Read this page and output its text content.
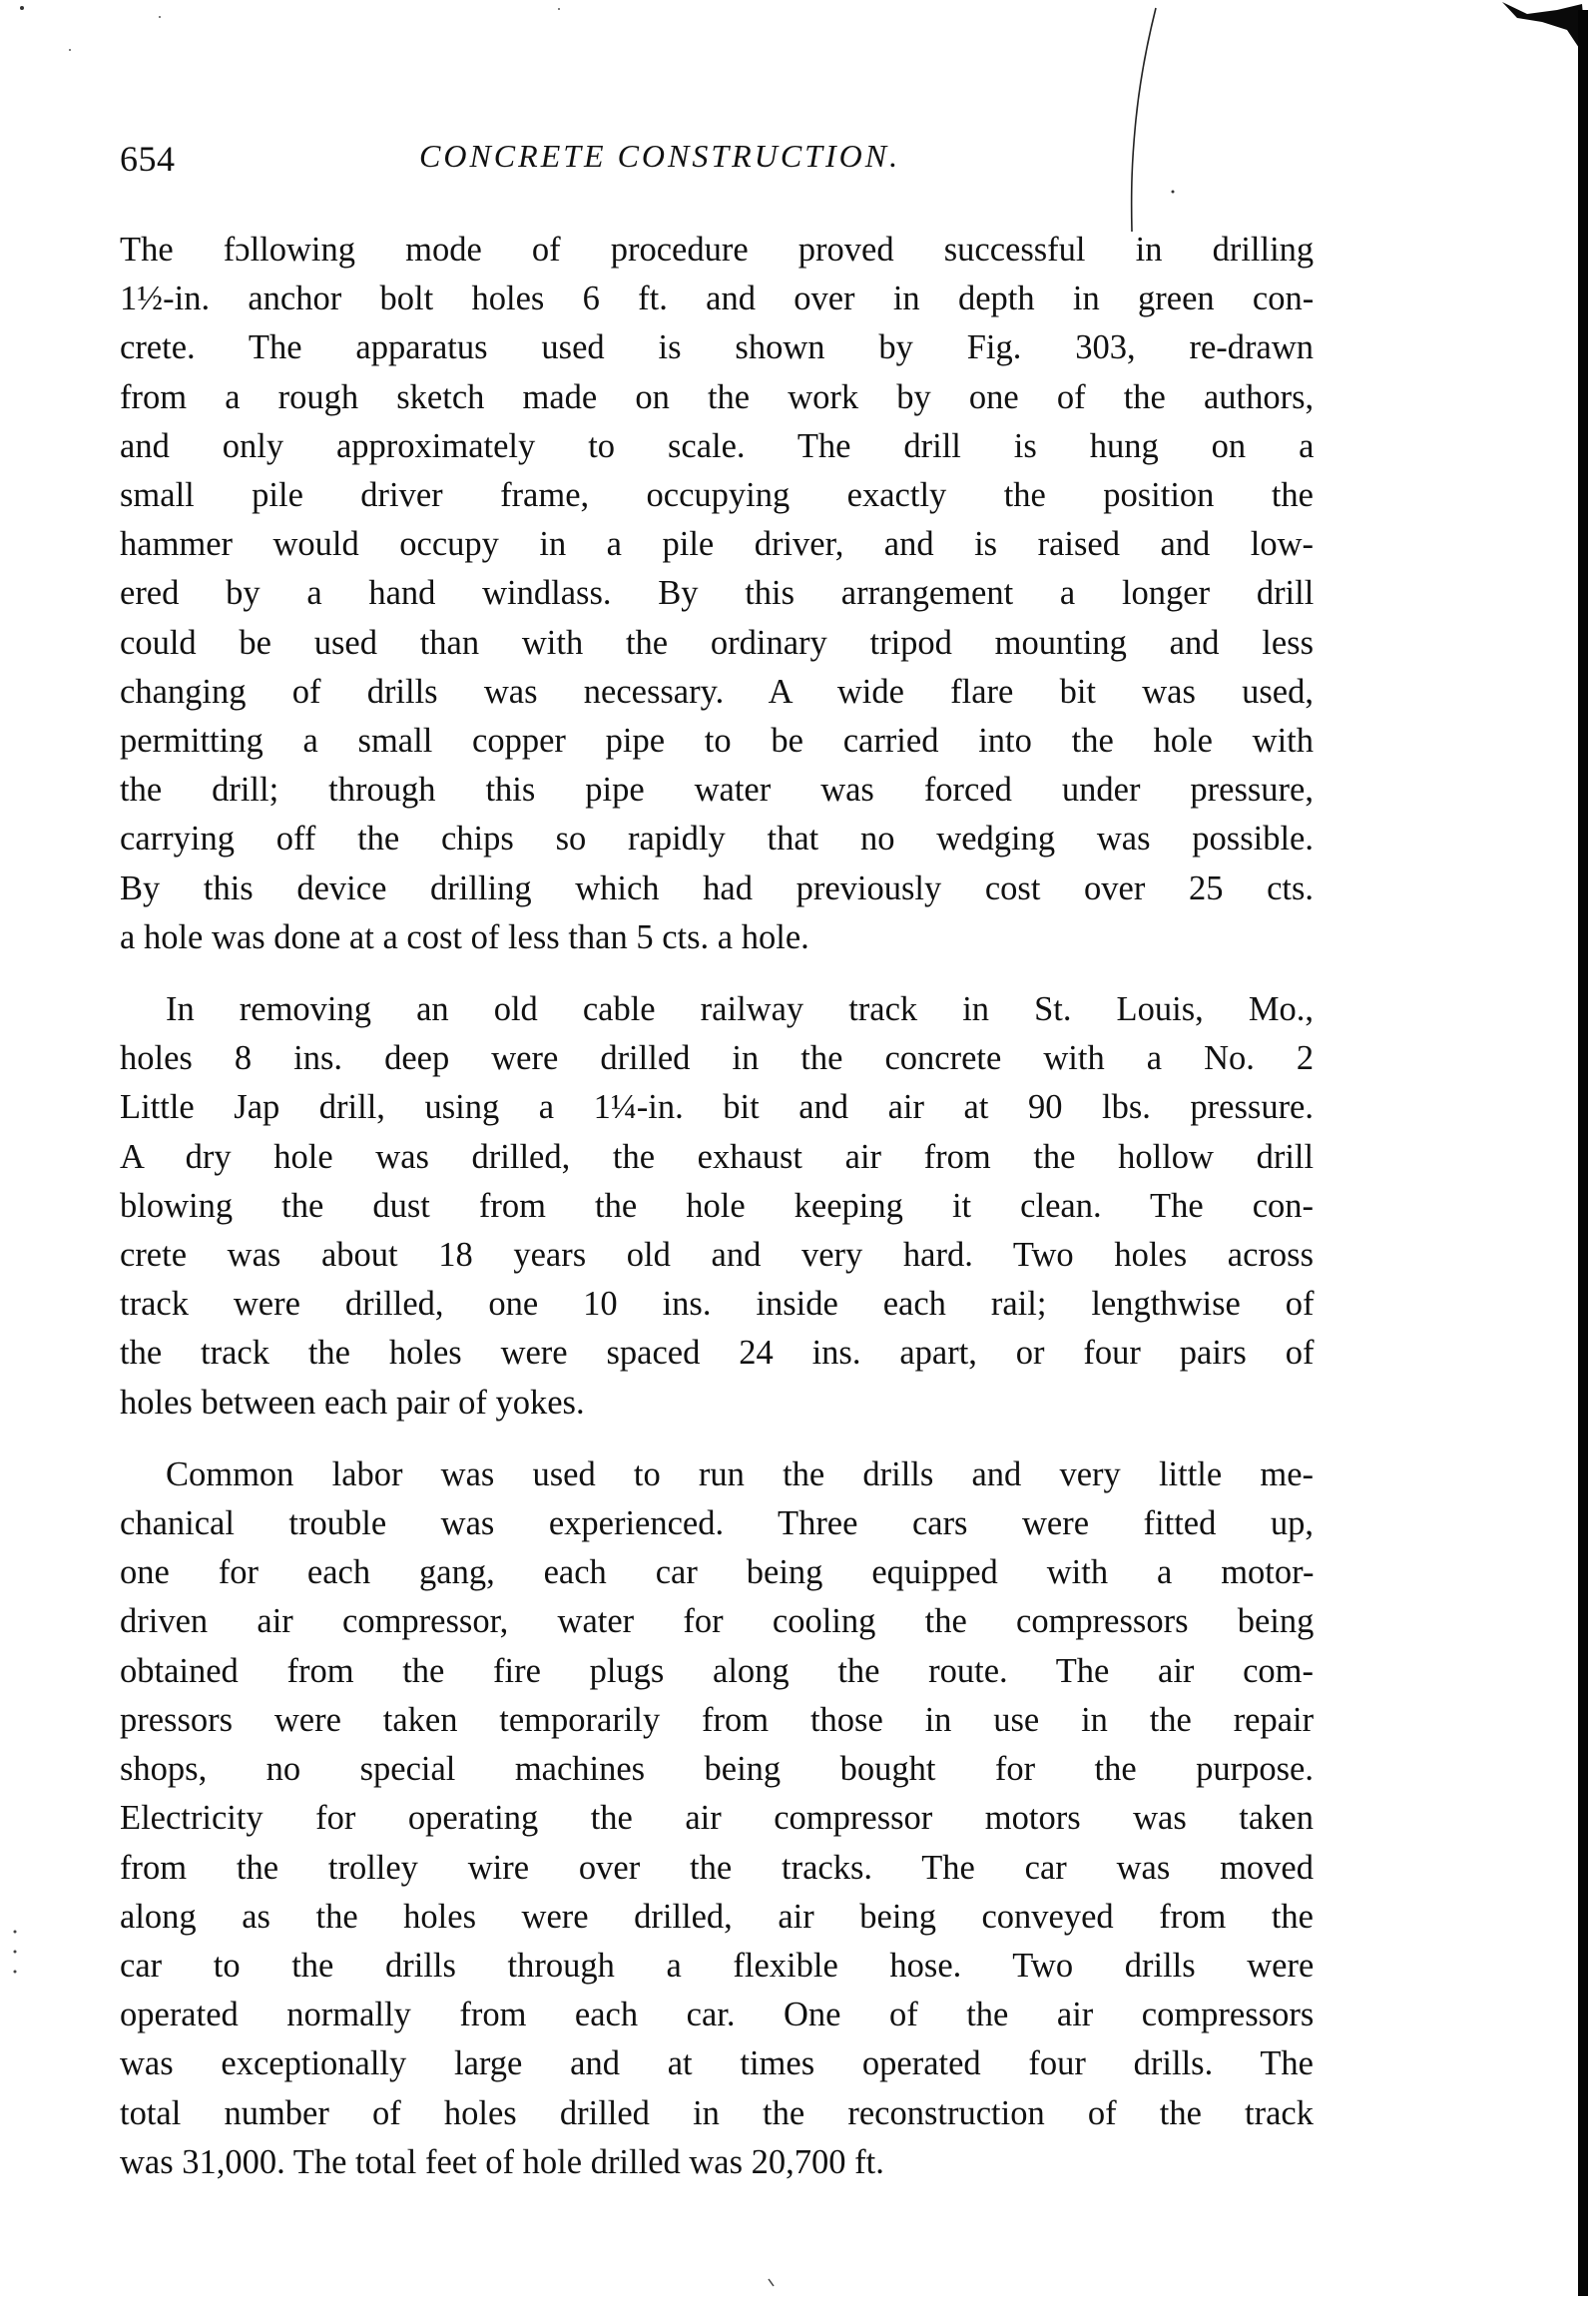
654	CONCRETE CONSTRUCTION.

The fɔllowing mode of procedure proved successful in drilling
1½-in. anchor bolt holes 6 ft. and over in depth in green con-
crete. The apparatus used is shown by Fig. 303, re-drawn
from a rough sketch made on the work by one of the authors,
and only approximately to scale. The drill is hung on a
small pile driver frame, occupying exactly the position the
hammer would occupy in a pile driver, and is raised and low-
ered by a hand windlass. By this arrangement a longer drill
could be used than with the ordinary tripod mounting and less
changing of drills was necessary. A wide flare bit was used,
permitting a small copper pipe to be carried into the hole with
the drill; through this pipe water was forced under pressure,
carrying off the chips so rapidly that no wedging was possible.
By this device drilling which had previously cost over 25 cts.
a hole was done at a cost of less than 5 cts. a hole.

In removing an old cable railway track in St. Louis, Mo.,
holes 8 ins. deep were drilled in the concrete with a No. 2
Little Jap drill, using a 1¼-in. bit and air at 90 lbs. pressure.
A dry hole was drilled, the exhaust air from the hollow drill
blowing the dust from the hole keeping it clean. The con-
crete was about 18 years old and very hard. Two holes across
track were drilled, one 10 ins. inside each rail; lengthwise of
the track the holes were spaced 24 ins. apart, or four pairs of
holes between each pair of yokes.

Common labor was used to run the drills and very little me-
chanical trouble was experienced. Three cars were fitted up,
one for each gang, each car being equipped with a motor-
driven air compressor, water for cooling the compressors being
obtained from the fire plugs along the route. The air com-
pressors were taken temporarily from those in use in the repair
shops, no special machines being bought for the purpose.
Electricity for operating the air compressor motors was taken
from the trolley wire over the tracks. The car was moved
along as the holes were drilled, air being conveyed from the
car to the drills through a flexible hose. Two drills were
operated normally from each car. One of the air compressors
was exceptionally large and at times operated four drills. The
total number of holes drilled in the reconstruction of the track
was 31,000. The total feet of hole drilled was 20,700 ft.
